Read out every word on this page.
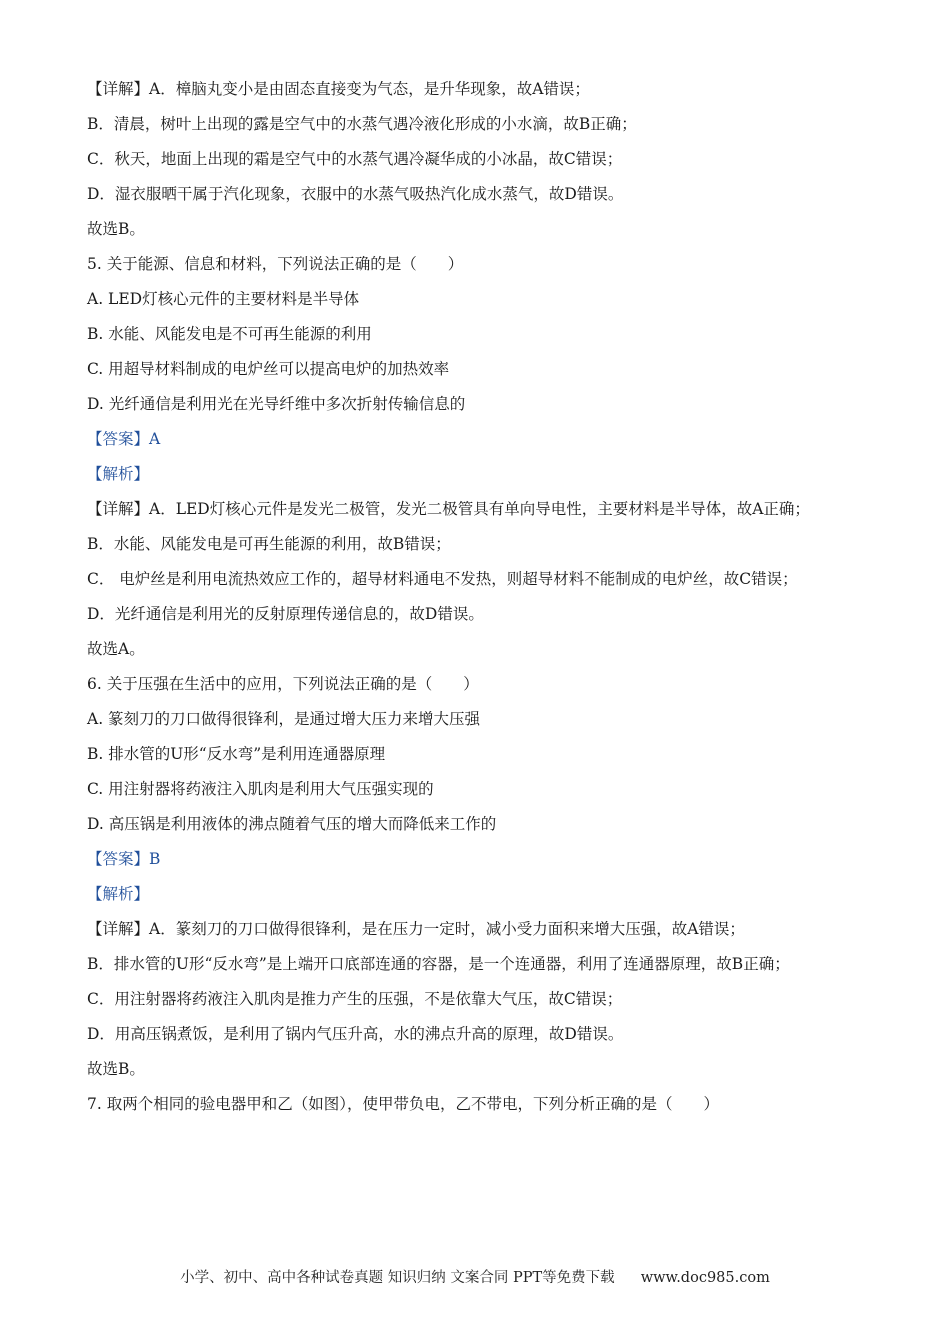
【详解】A．樟脑丸变小是由固态直接变为气态，是升华现象，故A错误；
B．清晨，树叶上出现的露是空气中的水蒸气遇冷液化形成的小水滴，故B正确；
C．秋天，地面上出现的霜是空气中的水蒸气遇冷凝华成的小冰晶，故C错误；
D．湿衣服晒干属于汽化现象，衣服中的水蒸气吸热汽化成水蒸气，故D错误。
故选B。
5. 关于能源、信息和材料，下列说法正确的是（　　）
A. LED灯核心元件的主要材料是半导体
B. 水能、风能发电是不可再生能源的利用
C. 用超导材料制成的电炉丝可以提高电炉的加热效率
D. 光纤通信是利用光在光导纤维中多次折射传输信息的
【答案】A
【解析】
【详解】A．LED灯核心元件是发光二极管，发光二极管具有单向导电性，主要材料是半导体，故A正确；
B．水能、风能发电是可再生能源的利用，故B错误；
C． 电炉丝是利用电流热效应工作的，超导材料通电不发热，则超导材料不能制成的电炉丝，故C错误；
D．光纤通信是利用光的反射原理传递信息的，故D错误。
故选A。
6. 关于压强在生活中的应用，下列说法正确的是（　　）
A. 篆刻刀的刀口做得很锋利，是通过增大压力来增大压强
B. 排水管的U形“反水弯”是利用连通器原理
C. 用注射器将药液注入肌肉是利用大气压强实现的
D. 高压锅是利用液体的沸点随着气压的增大而降低来工作的
【答案】B
【解析】
【详解】A．篆刻刀的刀口做得很锋利，是在压力一定时，减小受力面积来增大压强，故A错误；
B．排水管的U形“反水弯”是上端开口底部连通的容器，是一个连通器，利用了连通器原理，故B正确；
C．用注射器将药液注入肌肉是推力产生的压强，不是依靠大气压，故C错误；
D．用高压锅煮饭，是利用了锅内气压升高，水的沸点升高的原理，故D错误。
故选B。
7. 取两个相同的验电器甲和乙（如图），使甲带负电，乙不带电，下列分析正确的是（　　）
小学、初中、高中各种试卷真题 知识归纳 文案合同 PPT等免费下载 www.doc985.com
